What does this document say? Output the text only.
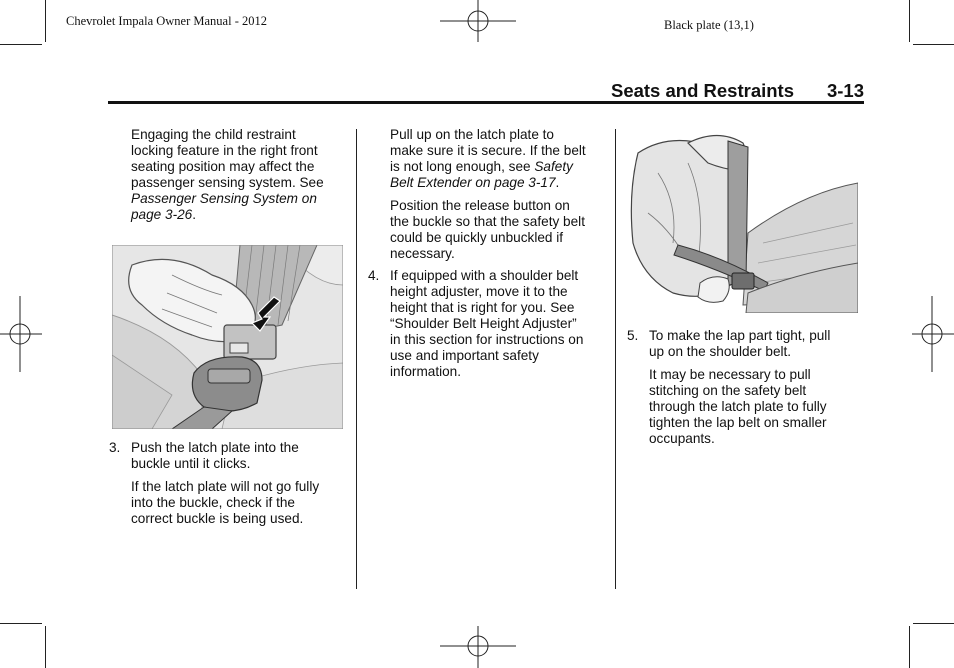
Chevrolet Impala Owner Manual - 2012	Black plate (13,1)
Seats and Restraints 3-13
Engaging the child restraint
locking feature in the right front
seating position may affect the
passenger sensing system. See
Passenger Sensing System on
page 3-26.
3. Push the latch plate into the
buckle until it clicks.
If the latch plate will not go fully
into the buckle, check if the
correct buckle is being used.
Pull up on the latch plate to
make sure it is secure. If the belt
is not long enough, see Safety
Belt Extender on page 3-17.
Position the release button on
the buckle so that the safety belt
could be quickly unbuckled if
necessary.
4. If equipped with a shoulder belt
height adjuster, move it to the
height that is right for you. See
“Shoulder Belt Height Adjuster”
in this section for instructions on
use and important safety
information.
5. To make the lap part tight, pull
up on the shoulder belt.
It may be necessary to pull
stitching on the safety belt
through the latch plate to fully
tighten the lap belt on smaller
occupants.
